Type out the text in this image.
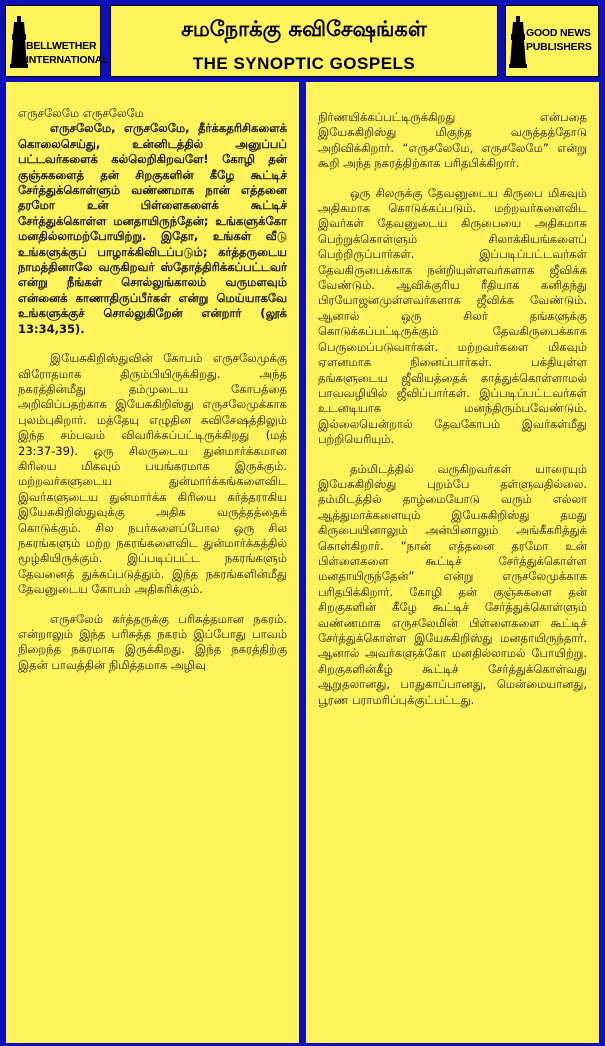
BELLWETHER
INTERNATIONAL
சமநோக்கு சுவிசேஷங்கள்
THE SYNOPTIC GOSPELS
GOOD NEWS
PUBLISHERS

எருசலேமே எருசலேமே

எருசலேமே, எருசலேமே, தீர்க்கதரிசிகளைக் கொலைசெய்து, உன்னிடத்தில் அனுப்பப் பட்டவர்களைக் கல்லெறிகிறவளே! கோழி தன் குஞ்சுகளைத் தன் சிறகுகளின் கீழே கூட்டிச் சேர்த்துக்கொள்ளும் வண்ணமாக நான் எத்தனை தரமோ உன் பிள்ளைகளைக் கூட்டிச் சேர்த்துக்கொள்ள மனதாயிருந்தேன்; உங்களுக்கோ மனதில்லாமற்போயிற்று. இதோ, உங்கள் வீடு உங்களுக்குப் பாழாக்கிவிடப்படும்; கர்த்தருடைய நாமத்தினாலே வருகிறவர் ஸ்தோத்திரிக்கப்பட்டவர் என்று நீங்கள் சொல்லுங்காலம் வருமளவும் என்னைக் காணாதிருப்பீர்கள் என்று மெய்யாகவே உங்களுக்குச் சொல்லுகிறேன் என்றார் (லூக் 13:34,35).

இயேசுகிறிஸ்துவின் கோபம் எருசலேமுக்கு விரோதமாக திரும்பியிருக்கிறது. அந்த நகரத்தின்மீது தம்முடைய கோபத்தை அறிவிப்பதற்காக இயேசுகிறிஸ்து எருசலேமுக்காக புலம்புகிறார். மத்தேயு எழுதின சுவிசேஷத்திலும் இந்த சம்பவம் விவரிக்கப்பட்டிருக்கிறது (மத் 23:37-39). ஒரு சிலருடைய துன்மார்க்கமான கிரியை மிகவும் பயங்கரமாக இருக்கும். மற்றவர்களுடைய துன்மார்க்கங்களைவிட இவர்களுடைய துன்மார்க்க கிரியை கர்த்தராகிய இயேசுகிறிஸ்துவுக்கு அதிக வருத்தத்தைக் கொடுக்கும். சில நபர்களைப்போல ஒரு சில நகரங்களும் மற்ற நகரங்களைவிட துன்மார்க்கத்தில் மூழ்கியிருக்கும். இப்படிப்பட்ட நகரங்களும் தேவனைத் துக்கப்படுத்தும். இந்த நகரங்களின்மீது தேவனுடைய கோபம் அதிகரிக்கும்.

எருசலேம் கர்த்தருக்கு பரிசுத்தமான நகரம். என்றாலும் இந்த பரிசுத்த நகரம் இப்போது பாவம் நிறைந்த நகரமாக இருக்கிறது. இந்த நகரத்திற்கு இதன் பாவத்தின் நிமித்தமாக அழிவு

நிர்ணயிக்கப்பட்டிருக்கிறது என்பதை இயேசுகிறிஸ்து மிகுந்த வருத்தத்தோடு அறிவிக்கிறார். “எருசலேமே, எருசலேமே” என்று கூறி அந்த நகரத்திற்காக பரிதபிக்கிறார்.

ஒரு சிலருக்கு தேவனுடைய கிருபை மிகவும் அதிகமாக கொடுக்கப்படும். மற்றவர்களைவிட இவர்கள் தேவனுடைய கிருபையை அதிகமாக பெற்றுக்கொள்ளும் சிலாக்கியங்களைப் பெற்றிருப்பார்கள். இப்படிப்பட்டவர்கள் தேவகிருபைக்காக நன்றியுள்ளவர்களாக ஜீவிக்க வேண்டும். ஆவிக்குரிய ரீதியாக கனிதந்து பிரயோஜனமுள்ளவர்களாக ஜீவிக்க வேண்டும். ஆனால் ஒரு சிலர் தங்களுக்கு கொடுக்கப்பட்டிருக்கும் தேவகிருபைக்காக பெருமைப்படுவார்கள். மற்றவர்களை மிகவும் ஏளனமாக நினைப்பார்கள். பக்தியுள்ள தங்களுடைய ஜீவியத்தைக் காத்துக்கொள்ளாமல் பாவவழியில் ஜீவிப்பார்கள். இப்படிப்பட்டவர்கள் உடனடியாக மனந்திரும்பவேண்டும். இல்லையென்றால் தேவகோபம் இவர்கள்மீது பற்றியெரியும்.

தம்மிடத்தில் வருகிறவர்கள் யாரையும் இயேசுகிறிஸ்து புறம்பே தள்ளுவதில்லை. தம்மிடத்தில் தாழ்மையோடு வரும் எல்லா ஆத்துமாக்களையும் இயேசுகிறிஸ்து தமது கிருபையினாலும் அன்பினாலும் அங்கீகரித்துக் கொள்கிறார். “நான் எத்தனை தரமோ உன் பிள்ளைகளை கூட்டிச் சேர்த்துக்கொள்ள மனதாயிருந்தேன்” என்று எருசலேமுக்காக பரிதபிக்கிறார். கோழி தன் குஞ்சுகளை தன் சிறகுகளின் கீழே கூட்டிச் சேர்த்துக்கொள்ளும் வண்ணமாக எருசலேமின் பிள்ளைகளை கூட்டிச் சேர்த்துக்கொள்ள இயேசுகிறிஸ்து மனதாயிருந்தார். ஆனால் அவர்களுக்கோ மனதில்லாமல் போயிற்று. சிறகுகளின்கீழ் கூட்டிச் சேர்த்துக்கொள்வது ஆறுதலானது, பாதுகாப்பானது, மென்மையானது, பூரண பராமரிப்புக்குட்பட்டது.
